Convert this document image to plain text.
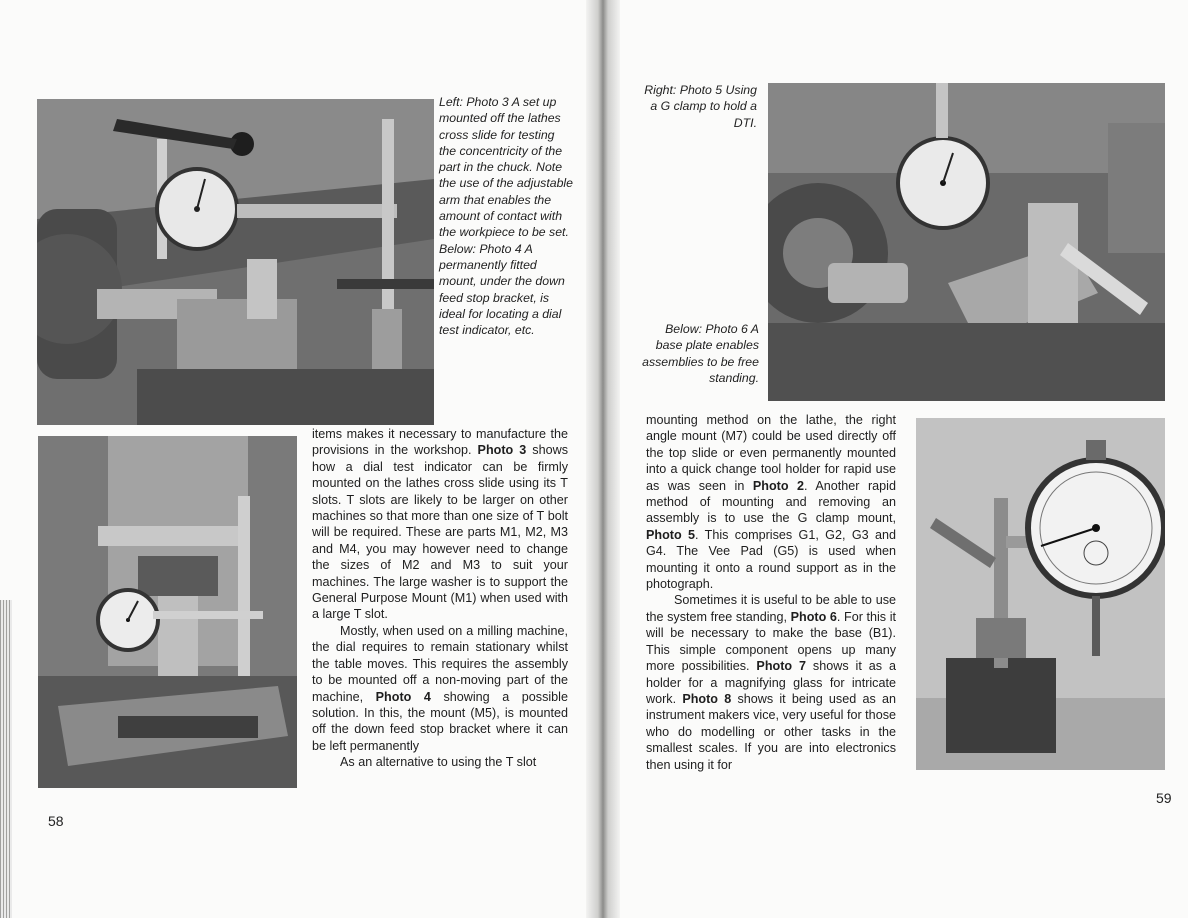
Left: Photo 3 A set up mounted off the lathes cross slide for testing the concentricity of the part in the chuck. Note the use of the adjustable arm that enables the amount of contact with the workpiece to be set.

Below: Photo 4 A permanently fitted mount, under the down feed stop bracket, is ideal for locating a dial test indicator, etc.

items makes it necessary to manufacture the provisions in the workshop. Photo 3 shows how a dial test indicator can be firmly mounted on the lathes cross slide using its T slots. T slots are likely to be larger on other machines so that more than one size of T bolt will be required. These are parts M1, M2, M3 and M4, you may however need to change the sizes of M2 and M3 to suit your machines. The large washer is to support the General Purpose Mount (M1) when used with a large T slot.

Mostly, when used on a milling machine, the dial requires to remain stationary whilst the table moves. This requires the assembly to be mounted off a non-moving part of the machine, Photo 4 showing a possible solution. In this, the mount (M5), is mounted off the down feed stop bracket where it can be left permanently

As an alternative to using the T slot

58
Right: Photo 5 Using a G clamp to hold a DTI.
Below: Photo 6 A base plate enables assemblies to be free standing.

mounting method on the lathe, the right angle mount (M7) could be used directly off the top slide or even permanently mounted into a quick change tool holder for rapid use as was seen in Photo 2. Another rapid method of mounting and removing an assembly is to use the G clamp mount, Photo 5. This comprises G1, G2, G3 and G4. The Vee Pad (G5) is used when mounting it onto a round support as in the photograph.

Sometimes it is useful to be able to use the system free standing, Photo 6. For this it will be necessary to make the base (B1). This simple component opens up many more possibilities. Photo 7 shows it as a holder for a magnifying glass for intricate work. Photo 8 shows it being used as an instrument makers vice, very useful for those who do modelling or other tasks in the smallest scales. If you are into electronics then using it for

59
